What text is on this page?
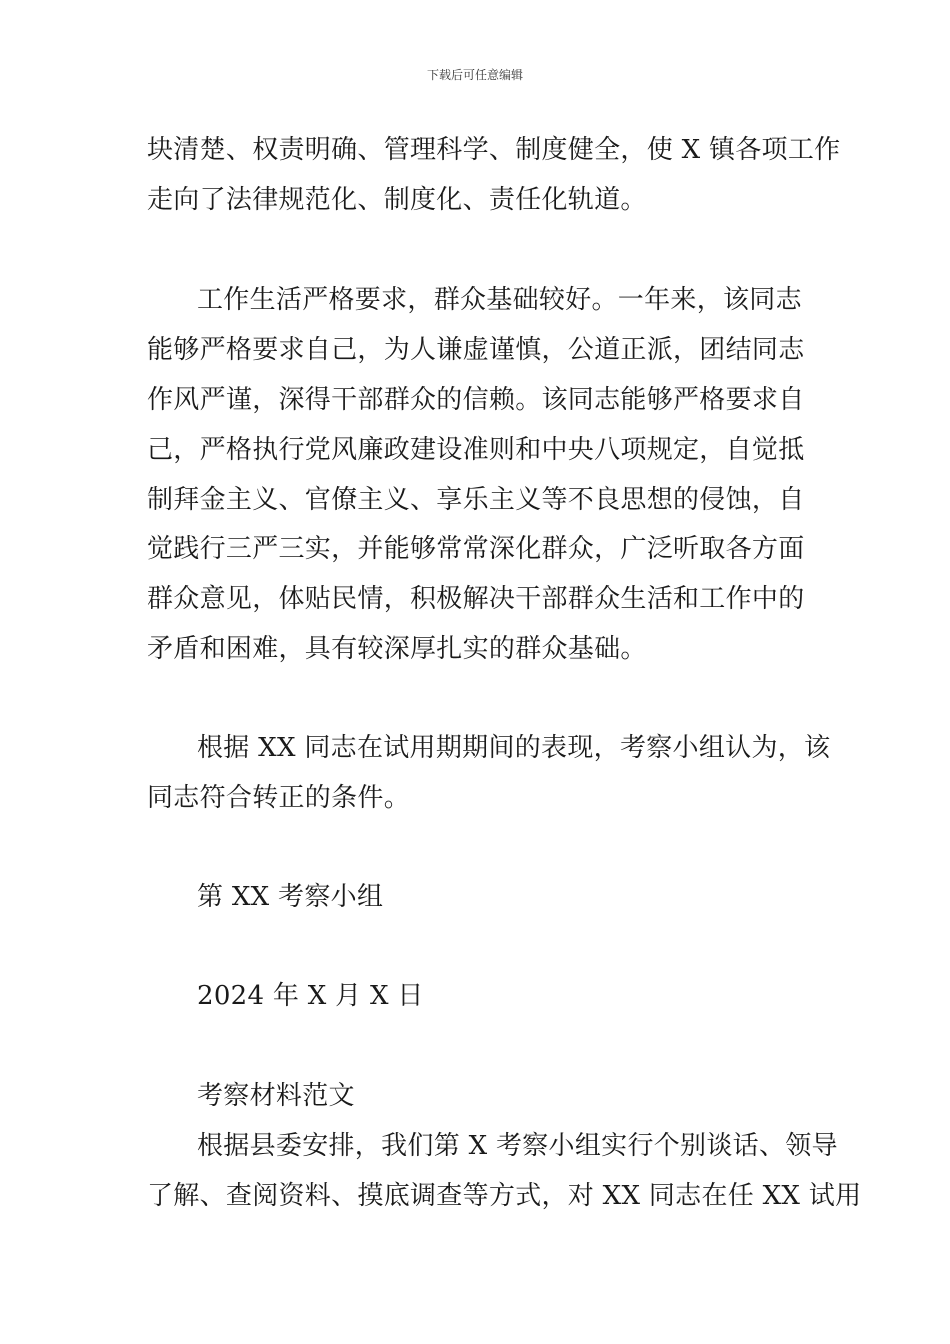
下载后可任意编辑
块清楚、权责明确、管理科学、制度健全，使 X 镇各项工作
走向了法律规范化、制度化、责任化轨道。
工作生活严格要求，群众基础较好。一年来，该同志
能够严格要求自己，为人谦虚谨慎，公道正派，团结同志
作风严谨，深得干部群众的信赖。该同志能够严格要求自
己，严格执行党风廉政建设准则和中央八项规定，自觉抵
制拜金主义、官僚主义、享乐主义等不良思想的侵蚀，自
觉践行三严三实，并能够常常深化群众，广泛听取各方面
群众意见，体贴民情，积极解决干部群众生活和工作中的
矛盾和困难，具有较深厚扎实的群众基础。
根据 XX 同志在试用期期间的表现，考察小组认为，该
同志符合转正的条件。
第 XX 考察小组
2024 年 X 月 X 日
考察材料范文
根据县委安排，我们第 X 考察小组实行个别谈话、领导
了解、查阅资料、摸底调查等方式，对 XX 同志在任 XX 试用
